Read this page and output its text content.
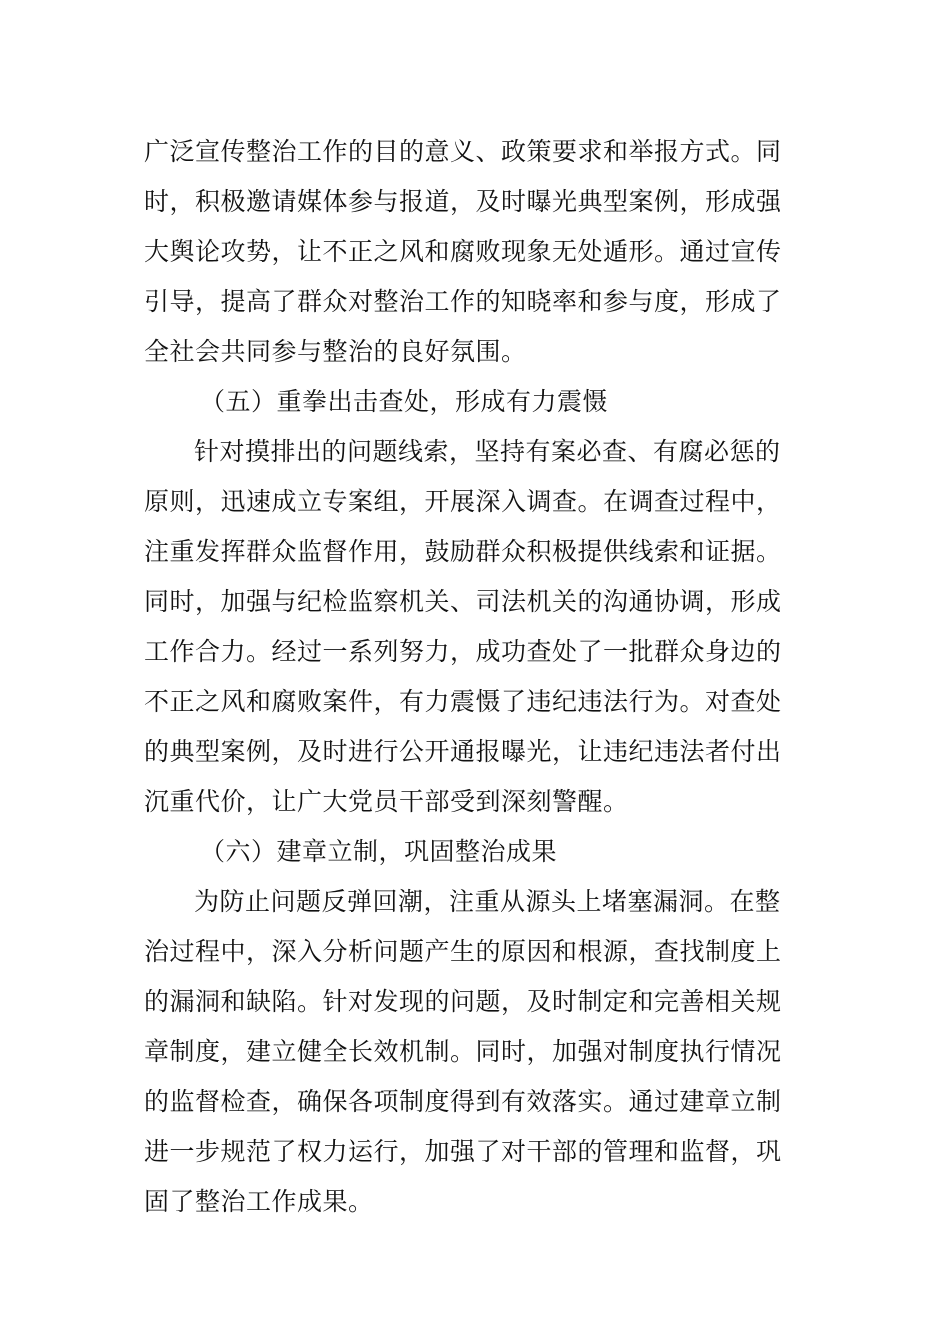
广泛宣传整治工作的目的意义、政策要求和举报方式。同
时，积极邀请媒体参与报道，及时曝光典型案例，形成强
大舆论攻势，让不正之风和腐败现象无处遁形。通过宣传
引导，提高了群众对整治工作的知晓率和参与度，形成了
全社会共同参与整治的良好氛围。
（五）重拳出击查处，形成有力震慑
针对摸排出的问题线索，坚持有案必查、有腐必惩的
原则，迅速成立专案组，开展深入调查。在调查过程中，
注重发挥群众监督作用，鼓励群众积极提供线索和证据。
同时，加强与纪检监察机关、司法机关的沟通协调，形成
工作合力。经过一系列努力，成功查处了一批群众身边的
不正之风和腐败案件，有力震慑了违纪违法行为。对查处
的典型案例，及时进行公开通报曝光，让违纪违法者付出
沉重代价，让广大党员干部受到深刻警醒。
（六）建章立制，巩固整治成果
为防止问题反弹回潮，注重从源头上堵塞漏洞。在整
治过程中，深入分析问题产生的原因和根源，查找制度上
的漏洞和缺陷。针对发现的问题，及时制定和完善相关规
章制度，建立健全长效机制。同时，加强对制度执行情况
的监督检查，确保各项制度得到有效落实。通过建章立制
进一步规范了权力运行，加强了对干部的管理和监督，巩
固了整治工作成果。
